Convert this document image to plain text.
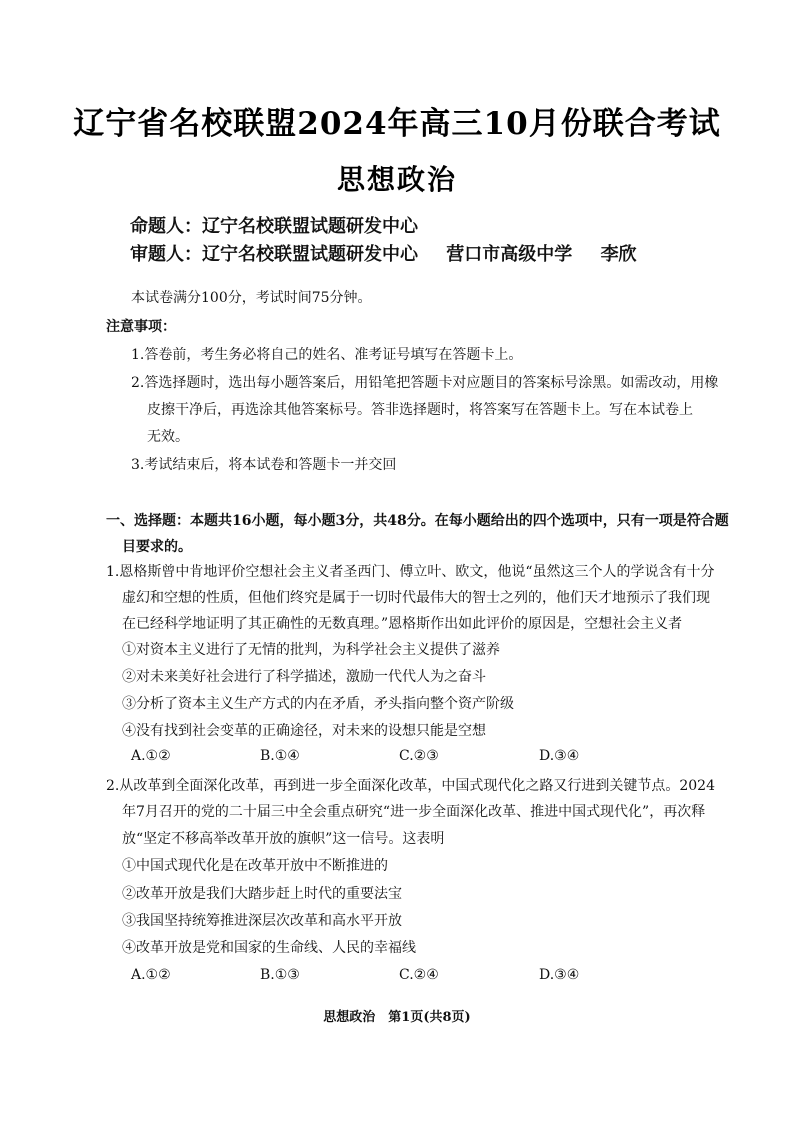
辽宁省名校联盟2024年高三10月份联合考试
思想政治
命题人：辽宁名校联盟试题研发中心
审题人：辽宁名校联盟试题研发中心 营口市高级中学 李欣
本试卷满分100分，考试时间75分钟。
注意事项：
1.答卷前，考生务必将自己的姓名、准考证号填写在答题卡上。
2.答选择题时，选出每小题答案后，用铅笔把答题卡对应题目的答案标号涂黑。如需改动，用橡
皮擦干净后，再选涂其他答案标号。答非选择题时，将答案写在答题卡上。写在本试卷上
无效。
3.考试结束后，将本试卷和答题卡一并交回
一、选择题：本题共16小题，每小题3分，共48分。在每小题给出的四个选项中，只有一项是符合题
目要求的。
1.恩格斯曾中肯地评价空想社会主义者圣西门、傅立叶、欧文，他说“虽然这三个人的学说含有十分
虚幻和空想的性质，但他们终究是属于一切时代最伟大的智士之列的，他们天才地预示了我们现
在已经科学地证明了其正确性的无数真理。”恩格斯作出如此评价的原因是，空想社会主义者
①对资本主义进行了无情的批判，为科学社会主义提供了滋养
②对未来美好社会进行了科学描述，激励一代代人为之奋斗
③分析了资本主义生产方式的内在矛盾，矛头指向整个资产阶级
④没有找到社会变革的正确途径，对未来的设想只能是空想
A.①②	B.①④	C.②③	D.③④
2.从改革到全面深化改革，再到进一步全面深化改革，中国式现代化之路又行进到关键节点。2024
年7月召开的党的二十届三中全会重点研究“进一步全面深化改革、推进中国式现代化”，再次释
放“坚定不移高举改革开放的旗帜”这一信号。这表明
①中国式现代化是在改革开放中不断推进的
②改革开放是我们大踏步赶上时代的重要法宝
③我国坚持统筹推进深层次改革和高水平开放
④改革开放是党和国家的生命线、人民的幸福线
A.①②	B.①③	C.②④	D.③④
思想政治　第1页(共8页)
